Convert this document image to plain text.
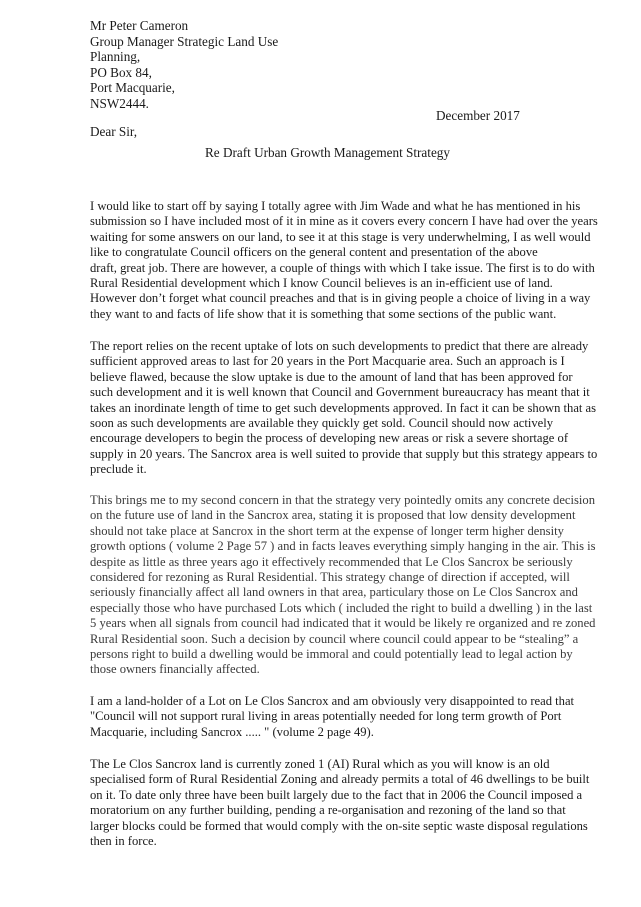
Mr Peter Cameron
Group Manager Strategic Land Use
Planning,
PO Box 84,
Port Macquarie,
NSW2444.
December 2017
Dear Sir,
Re Draft Urban Growth Management Strategy
I would like to start off by saying I totally agree with Jim Wade and what he has mentioned in his
submission so I have included most of it in mine as it covers every concern I have had over the years
waiting for some answers on our land, to see it at this stage is very underwhelming, I as well would
like to congratulate Council officers on the general content and presentation of the above
draft, great job. There are however, a couple of things with which I take issue. The first is to do with
Rural Residential development which I know Council believes is an in-efficient use of land.
However don’t forget what council preaches and that is in giving people a choice of living in a way
they want to and facts of life show that it is something that some sections of the public want.
The report relies on the recent uptake of lots on such developments to predict that there are already
sufficient approved areas to last for 20 years in the Port Macquarie area. Such an approach is I
believe flawed, because the slow uptake is due to the amount of land that has been approved for
such development and it is well known that Council and Government bureaucracy has meant that it
takes an inordinate length of time to get such developments approved. In fact it can be shown that as
soon as such developments are available they quickly get sold. Council should now actively
encourage developers to begin the process of developing new areas or risk a severe shortage of
supply in 20 years. The Sancrox area is well suited to provide that supply but this strategy appears to
preclude it.
This brings me to my second concern in that the strategy very pointedly omits any concrete decision
on the future use of land in the Sancrox area, stating it is proposed that low density development
should not take place at Sancrox in the short term at the expense of longer term higher density
growth options ( volume 2 Page 57 ) and in facts leaves everything simply hanging in the air. This is
despite as little as three years ago it effectively recommended that Le Clos Sancrox be seriously
considered for rezoning as Rural Residential. This strategy change of direction if accepted, will
seriously financially affect all land owners in that area, particulary those on Le Clos Sancrox and
especially those who have purchased Lots which ( included the right to build a dwelling ) in the last
5 years when all signals from council had indicated that it would be likely re organized and re zoned
Rural Residential soon. Such a decision by council where council could appear to be “stealing” a
persons right to build a dwelling would be immoral and could potentially lead to legal action by
those owners financially affected.
I am a land-holder of a Lot on Le Clos Sancrox and am obviously very disappointed to read that
"Council will not support rural living in areas potentially needed for long term growth of Port
Macquarie, including Sancrox ..... " (volume 2 page 49).
The Le Clos Sancrox land is currently zoned 1 (AI) Rural which as you will know is an old
specialised form of Rural Residential Zoning and already permits a total of 46 dwellings to be built
on it. To date only three have been built largely due to the fact that in 2006 the Council imposed a
moratorium on any further building, pending a re-organisation and rezoning of the land so that
larger blocks could be formed that would comply with the on-site septic waste disposal regulations
then in force.
